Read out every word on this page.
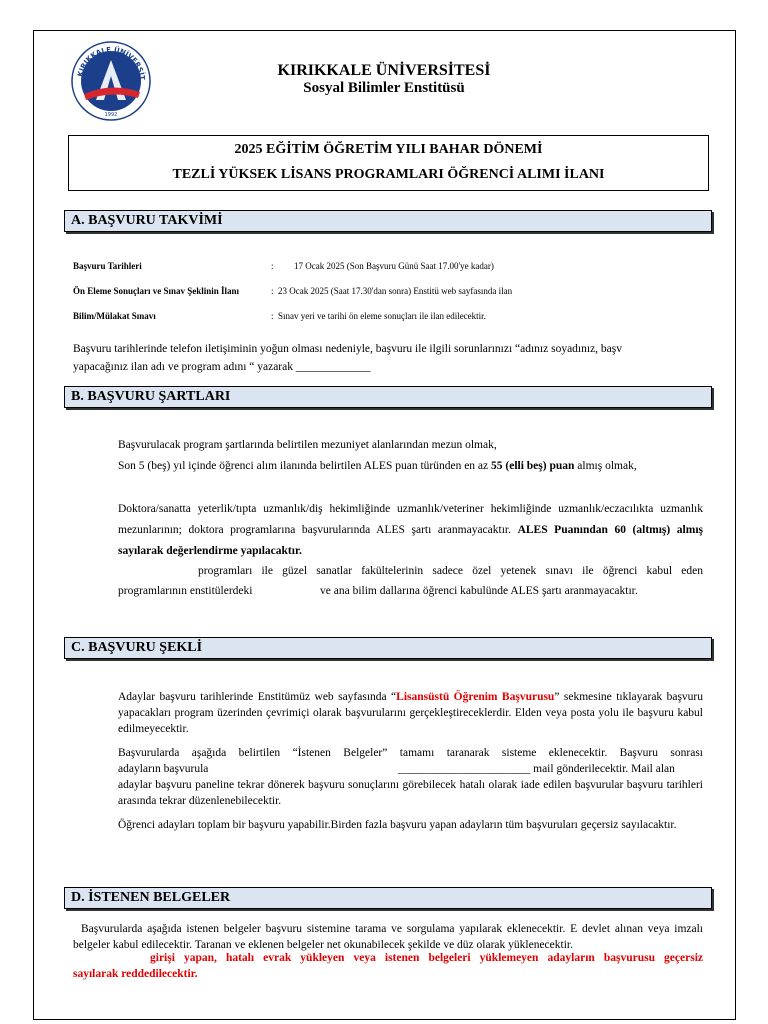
KIRIKKALE ÜNİVERSİT
1992
KIRIKKALE ÜNİVERSİTESİ
Sosyal Bilimler Enstitüsü
2025 EĞİTİM ÖĞRETİM YILI BAHAR DÖNEMİ
TEZLİ YÜKSEK LİSANS PROGRAMLARI ÖĞRENCİ ALIMI İLANI
A. BAŞVURU TAKVİMİ
Başvuru Tarihleri	: 17 Ocak 2025 (Son Başvuru Günü Saat 17.00'ye kadar)
Ön Eleme Sonuçları ve Sınav Şeklinin İlanı	: 23 Ocak 2025 (Saat 17.30'dan sonra) Enstitü web sayfasında ilan
Bilim/Mülakat Sınavı	: Sınav yeri ve tarihi ön eleme sonuçları ile ilan edilecektir.
Başvuru tarihlerinde telefon iletişiminin yoğun olması nedeniyle, başvuru ile ilgili sorunlarınızı “adınız soyadınız, başv
yapacağınız ilan adı ve program adını “ yazarak _____________
B. BAŞVURU ŞARTLARI
Başvurulacak program şartlarında belirtilen mezuniyet alanlarından mezun olmak,
Son 5 (beş) yıl içinde öğrenci alım ilanında belirtilen ALES puan türünden en az 55 (elli beş) puan almış olmak,
Doktora/sanatta yeterlik/tıpta uzmanlık/diş hekimliğinde uzmanlık/veteriner hekimliğinde uzmanlık/eczacılıkta uzmanlık mezunlarının; doktora programlarına başvurularında ALES şartı aranmayacaktır. ALES Puanından 60 (altmış) almış sayılarak değerlendirme yapılacaktır.
programları ile güzel sanatlar fakültelerinin sadece özel yetenek sınavı ile öğrenci kabul eden
programlarının enstitülerdeki	ve ana bilim dallarına öğrenci kabulünde ALES şartı aranmayacaktır.
C. BAŞVURU ŞEKLİ
Adaylar başvuru tarihlerinde Enstitümüz web sayfasında “Lisansüstü Öğrenim Başvurusu” sekmesine tıklayarak başvuru yapacakları program üzerinden çevrimiçi olarak başvurularını gerçekleştireceklerdir. Elden veya posta yolu ile başvuru kabul edilmeyecektir.
Başvurularda aşağıda belirtilen “İstenen Belgeler” tamamı taranarak sisteme eklenecektir. Başvuru sonrası
adayların başvurula	_______________________ mail gönderilecektir. Mail alan
adaylar başvuru paneline tekrar dönerek başvuru sonuçlarını görebilecek hatalı olarak iade edilen başvurular başvuru tarihleri arasında tekrar düzenlenebilecektir.
Öğrenci adayları toplam bir başvuru yapabilir.Birden fazla başvuru yapan adayların tüm başvuruları geçersiz sayılacaktır.
D. İSTENEN BELGELER
Başvurularda aşağıda istenen belgeler başvuru sistemine tarama ve sorgulama yapılarak eklenecektir. E devlet alınan veya imzalı belgeler kabul edilecektir. Taranan ve eklenen belgeler net okunabilecek şekilde ve düz olarak yüklenecektir.
girişi yapan, hatalı evrak yükleyen veya istenen belgeleri yüklemeyen adayların başvurusu geçersiz
sayılarak reddedilecektir.
